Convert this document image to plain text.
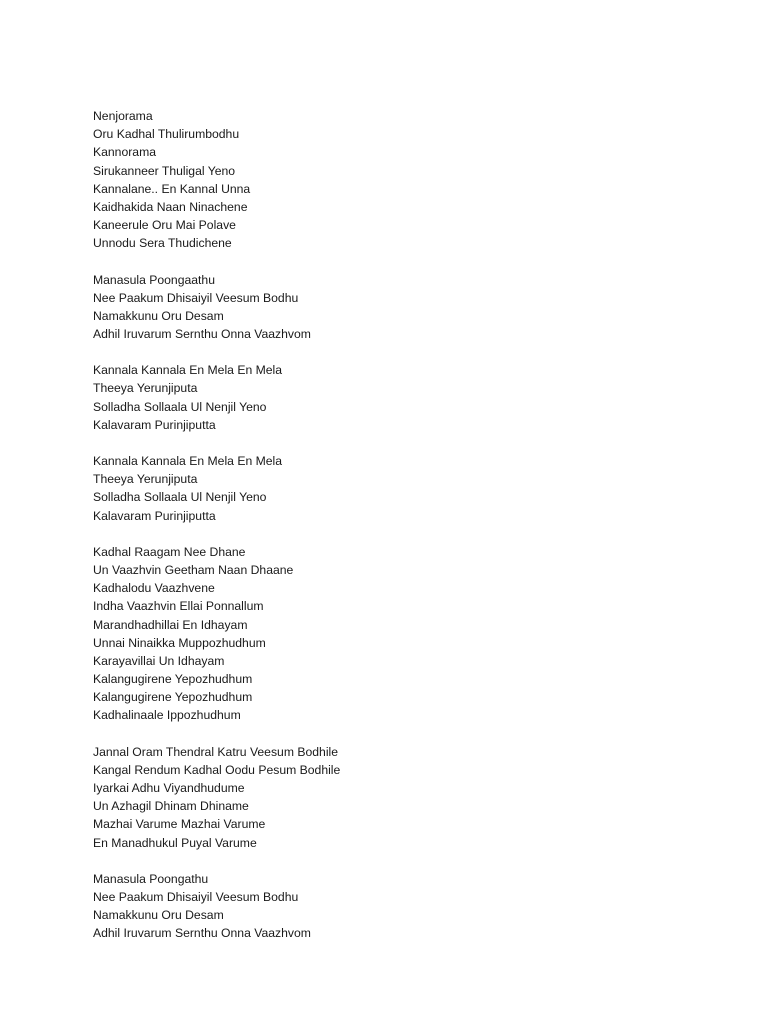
Nenjorama
Oru Kadhal Thulirumbodhu
Kannorama
Sirukanneer Thuligal Yeno
Kannalane.. En Kannal Unna
Kaidhakida Naan Ninachene
Kaneerule Oru Mai Polave
Unnodu Sera Thudichene
Manasula Poongaathu
Nee Paakum Dhisaiyil Veesum Bodhu
Namakkunu Oru Desam
Adhil Iruvarum Sernthu Onna Vaazhvom
Kannala Kannala En Mela En Mela
Theeya Yerunjiputa
Solladha Sollaala Ul Nenjil Yeno
Kalavaram Purinjiputta
Kannala Kannala En Mela En Mela
Theeya Yerunjiputa
Solladha Sollaala Ul Nenjil Yeno
Kalavaram Purinjiputta
Kadhal Raagam Nee Dhane
Un Vaazhvin Geetham Naan Dhaane
Kadhalodu Vaazhvene
Indha Vaazhvin Ellai Ponnallum
Marandhadhillai En Idhayam
Unnai Ninaikka Muppozhudhum
Karayavillai Un Idhayam
Kalangugirene Yepozhudhum
Kalangugirene Yepozhudhum
Kadhalinaale Ippozhudhum
Jannal Oram Thendral Katru Veesum Bodhile
Kangal Rendum Kadhal Oodu Pesum Bodhile
Iyarkai Adhu Viyandhudume
Un Azhagil Dhinam Dhiname
Mazhai Varume Mazhai Varume
En Manadhukul Puyal Varume
Manasula Poongathu
Nee Paakum Dhisaiyil Veesum Bodhu
Namakkunu Oru Desam
Adhil Iruvarum Sernthu Onna Vaazhvom
